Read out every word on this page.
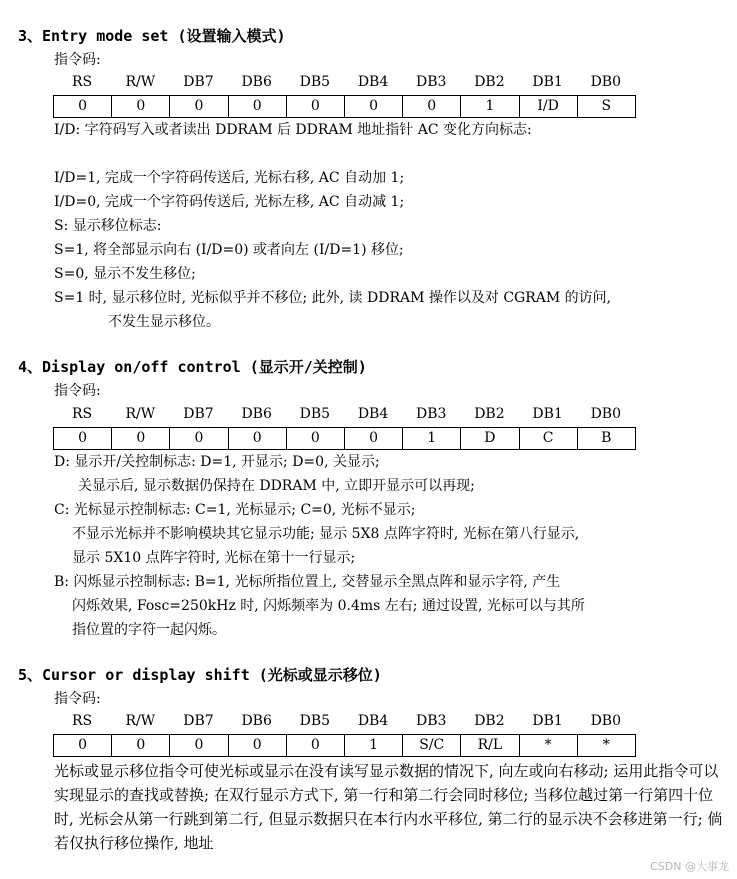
3、Entry mode set (设置输入模式)
指令码:
RS	R/W	DB7	DB6	DB5	DB4	DB3	DB2	DB1	DB0
0	0	0	0	0	0	0	1	I/D	S
I/D: 字符码写入或者读出 DDRAM 后 DDRAM 地址指针 AC 变化方向标志:
I/D=1, 完成一个字符码传送后, 光标右移, AC 自动加 1;
I/D=0, 完成一个字符码传送后, 光标左移, AC 自动减 1;
S: 显示移位标志:
S=1, 将全部显示向右 (I/D=0) 或者向左 (I/D=1) 移位;
S=0, 显示不发生移位;
S=1 时, 显示移位时, 光标似乎并不移位; 此外, 读 DDRAM 操作以及对 CGRAM 的访问,
不发生显示移位。
4、Display on/off control (显示开/关控制)
指令码:
RS	R/W	DB7	DB6	DB5	DB4	DB3	DB2	DB1	DB0
0	0	0	0	0	0	1	D	C	B
D: 显示开/关控制标志: D=1, 开显示; D=0, 关显示;
关显示后, 显示数据仍保持在 DDRAM 中, 立即开显示可以再现;
C: 光标显示控制标志: C=1, 光标显示; C=0, 光标不显示;
不显示光标并不影响模块其它显示功能; 显示 5X8 点阵字符时, 光标在第八行显示,
显示 5X10 点阵字符时, 光标在第十一行显示;
B: 闪烁显示控制标志: B=1, 光标所指位置上, 交替显示全黑点阵和显示字符, 产生
闪烁效果, Fosc=250kHz 时, 闪烁频率为 0.4ms 左右; 通过设置, 光标可以与其所
指位置的字符一起闪烁。
5、Cursor or display shift (光标或显示移位)
指令码:
RS	R/W	DB7	DB6	DB5	DB4	DB3	DB2	DB1	DB0
0	0	0	0	0	1	S/C	R/L	*	*
光标或显示移位指令可使光标或显示在没有读写显示数据的情况下, 向左或向右移动; 运用此指令可以实现显示的查找或替换; 在双行显示方式下, 第一行和第二行会同时移位; 当移位越过第一行第四十位时, 光标会从第一行跳到第二行, 但显示数据只在本行内水平移位, 第二行的显示决不会移进第一行; 倘若仅执行移位操作, 地址
CSDN @大事龙
